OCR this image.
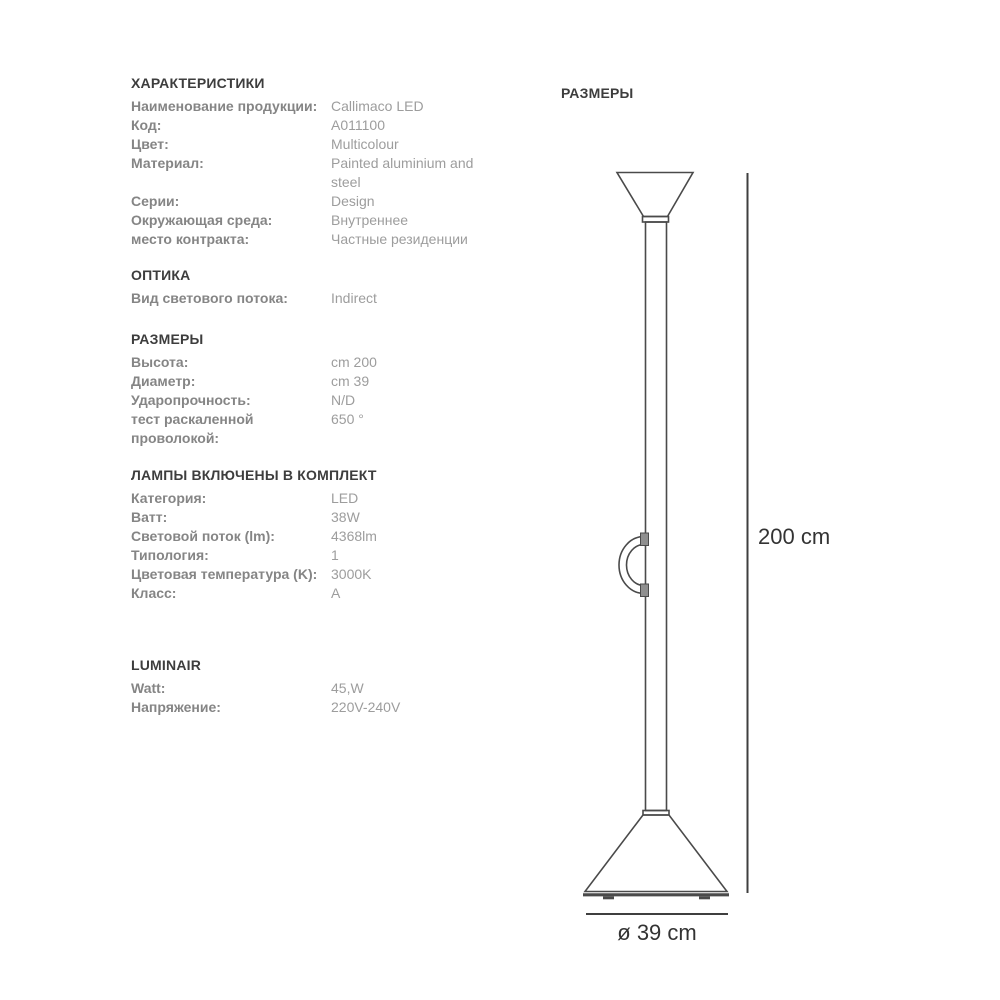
ХАРАКТЕРИСТИКИ
Наименование продукции: Callimaco LED
Код:	A011100
Цвет:	Multicolour
Материал:	Painted aluminium and steel
Серии:	Design
Окружающая среда:	Внутреннее
место контракта:	Частные резиденции
ОПТИКА
Вид светового потока:	Indirect
РАЗМЕРЫ
Высота:	cm 200
Диаметр:	cm 39
Ударопрочность:	N/D
тест раскаленной проволокой:
650 °
ЛАМПЫ ВКЛЮЧЕНЫ В КОМПЛЕКТ
Категория:	LED
Ватт:	38W
Световой поток (lm):	4368lm
Типология:	1
Цветовая температура (K): 3000K
Класс:	A
LUMINAIR
Watt:	45,W
Напряжение:	220V-240V
РАЗМЕРЫ
200 cm
ø 39 cm
